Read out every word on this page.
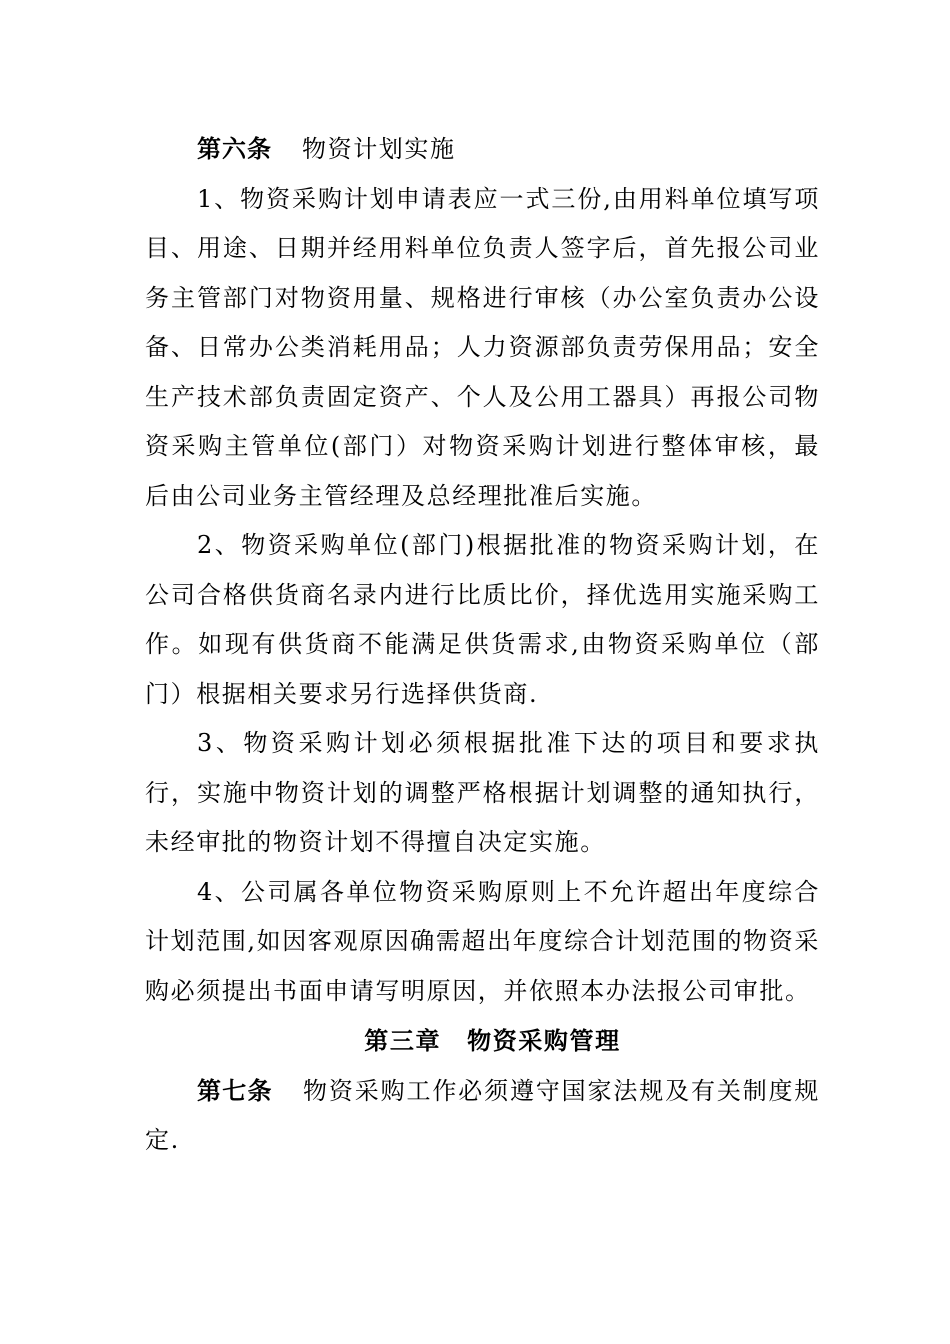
第六条 物资计划实施

1、物资采购计划申请表应一式三份,由用料单位填写项目、用途、日期并经用料单位负责人签字后，首先报公司业务主管部门对物资用量、规格进行审核（办公室负责办公设备、日常办公类消耗用品；人力资源部负责劳保用品；安全生产技术部负责固定资产、个人及公用工器具）再报公司物资采购主管单位(部门）对物资采购计划进行整体审核，最后由公司业务主管经理及总经理批准后实施。

2、物资采购单位(部门)根据批准的物资采购计划，在公司合格供货商名录内进行比质比价，择优选用实施采购工作。如现有供货商不能满足供货需求,由物资采购单位（部门）根据相关要求另行选择供货商.

3、物资采购计划必须根据批准下达的项目和要求执行，实施中物资计划的调整严格根据计划调整的通知执行，未经审批的物资计划不得擅自决定实施。

4、公司属各单位物资采购原则上不允许超出年度综合计划范围,如因客观原因确需超出年度综合计划范围的物资采购必须提出书面申请写明原因，并依照本办法报公司审批。

第三章 物资采购管理

第七条 物资采购工作必须遵守国家法规及有关制度规定.
